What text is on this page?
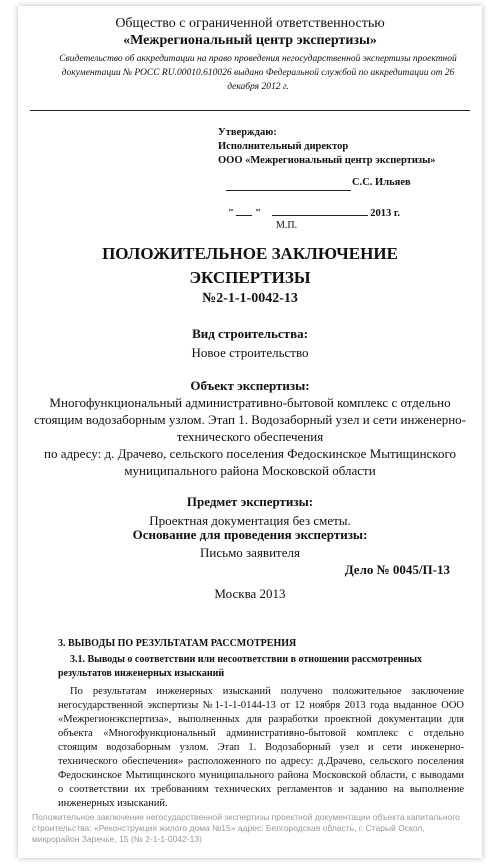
Общество с ограниченной ответственностью
«Межрегиональный центр экспертизы»
Свидетельство об аккредитации на право проведения негосударственной экспертизы проектной документации № РОСС RU.00010.610026 выдано Федеральной службой по аккредитации от 26 декабря 2012 г.
Утверждаю:
Исполнительный директор
ООО «Межрегиональный центр экспертизы»
С.С. Ильяев
" "	2013 г.
М.П.
ПОЛОЖИТЕЛЬНОЕ ЗАКЛЮЧЕНИЕ
ЭКСПЕРТИЗЫ
№2-1-1-0042-13
Вид строительства:
Новое строительство
Объект экспертизы:
Многофункциональный административно-бытовой комплекс с отдельно стоящим водозаборным узлом. Этап 1. Водозаборный узел и сети инженерно-технического обеспечения
по адресу: д. Драчево, сельского поселения Федоскинское Мытищинского муниципального района Московской области
Предмет экспертизы:
Проектная документация без сметы.
Основание для проведения экспертизы:
Письмо заявителя
Дело № 0045/П-13
Москва 2013
3. ВЫВОДЫ ПО РЕЗУЛЬТАТАМ РАССМОТРЕНИЯ
3.1. Выводы о соответствии или несоответствии в отношении рассмотренных результатов инженерных изысканий
По результатам инженерных изысканий получено положительное заключение негосударственной экспертизы №1-1-1-0144-13 от 12 ноября 2013 года выданное ООО «Межрегионэкспертиза», выполненных для разработки проектной документации для объекта «Многофункциональный административно-бытовой комплекс с отдельно стоящим водозаборным узлом. Этап 1. Водозаборный узел и сети инженерно-технического обеспечения» расположенного по адресу: д.Драчево, сельского поселения Федоскинское Мытищинского муниципального района Московской области, с выводами о соответствии их требованиям технических регламентов и заданию на выполнение инженерных изысканий.
Положительное заключение негосударственной экспертизы проектной документации объекта капитального строительства: «Реконструкция жилого дома №15» адрес: Белгородская область, г. Старый Оскол, микрорайон Заречье, 15 (№ 2-1-1-0042-13)
